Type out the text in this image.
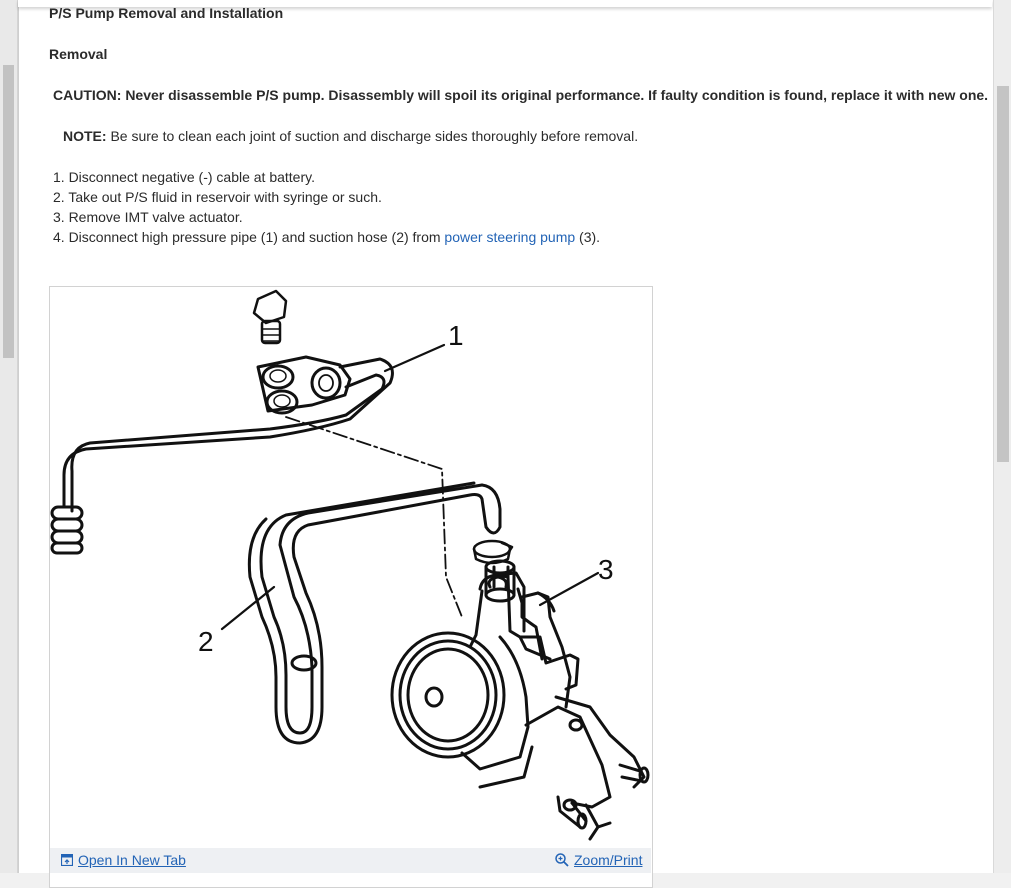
P/S Pump Removal and Installation
Removal
CAUTION: Never disassemble P/S pump. Disassembly will spoil its original performance. If faulty condition is found, replace it with new one.
NOTE: Be sure to clean each joint of suction and discharge sides thoroughly before removal.
1. Disconnect negative (-) cable at battery.
2. Take out P/S fluid in reservoir with syringe or such.
3. Remove IMT valve actuator.
4. Disconnect high pressure pipe (1) and suction hose (2) from power steering pump (3).
1
2
3
Open In New Tab	Zoom/Print
